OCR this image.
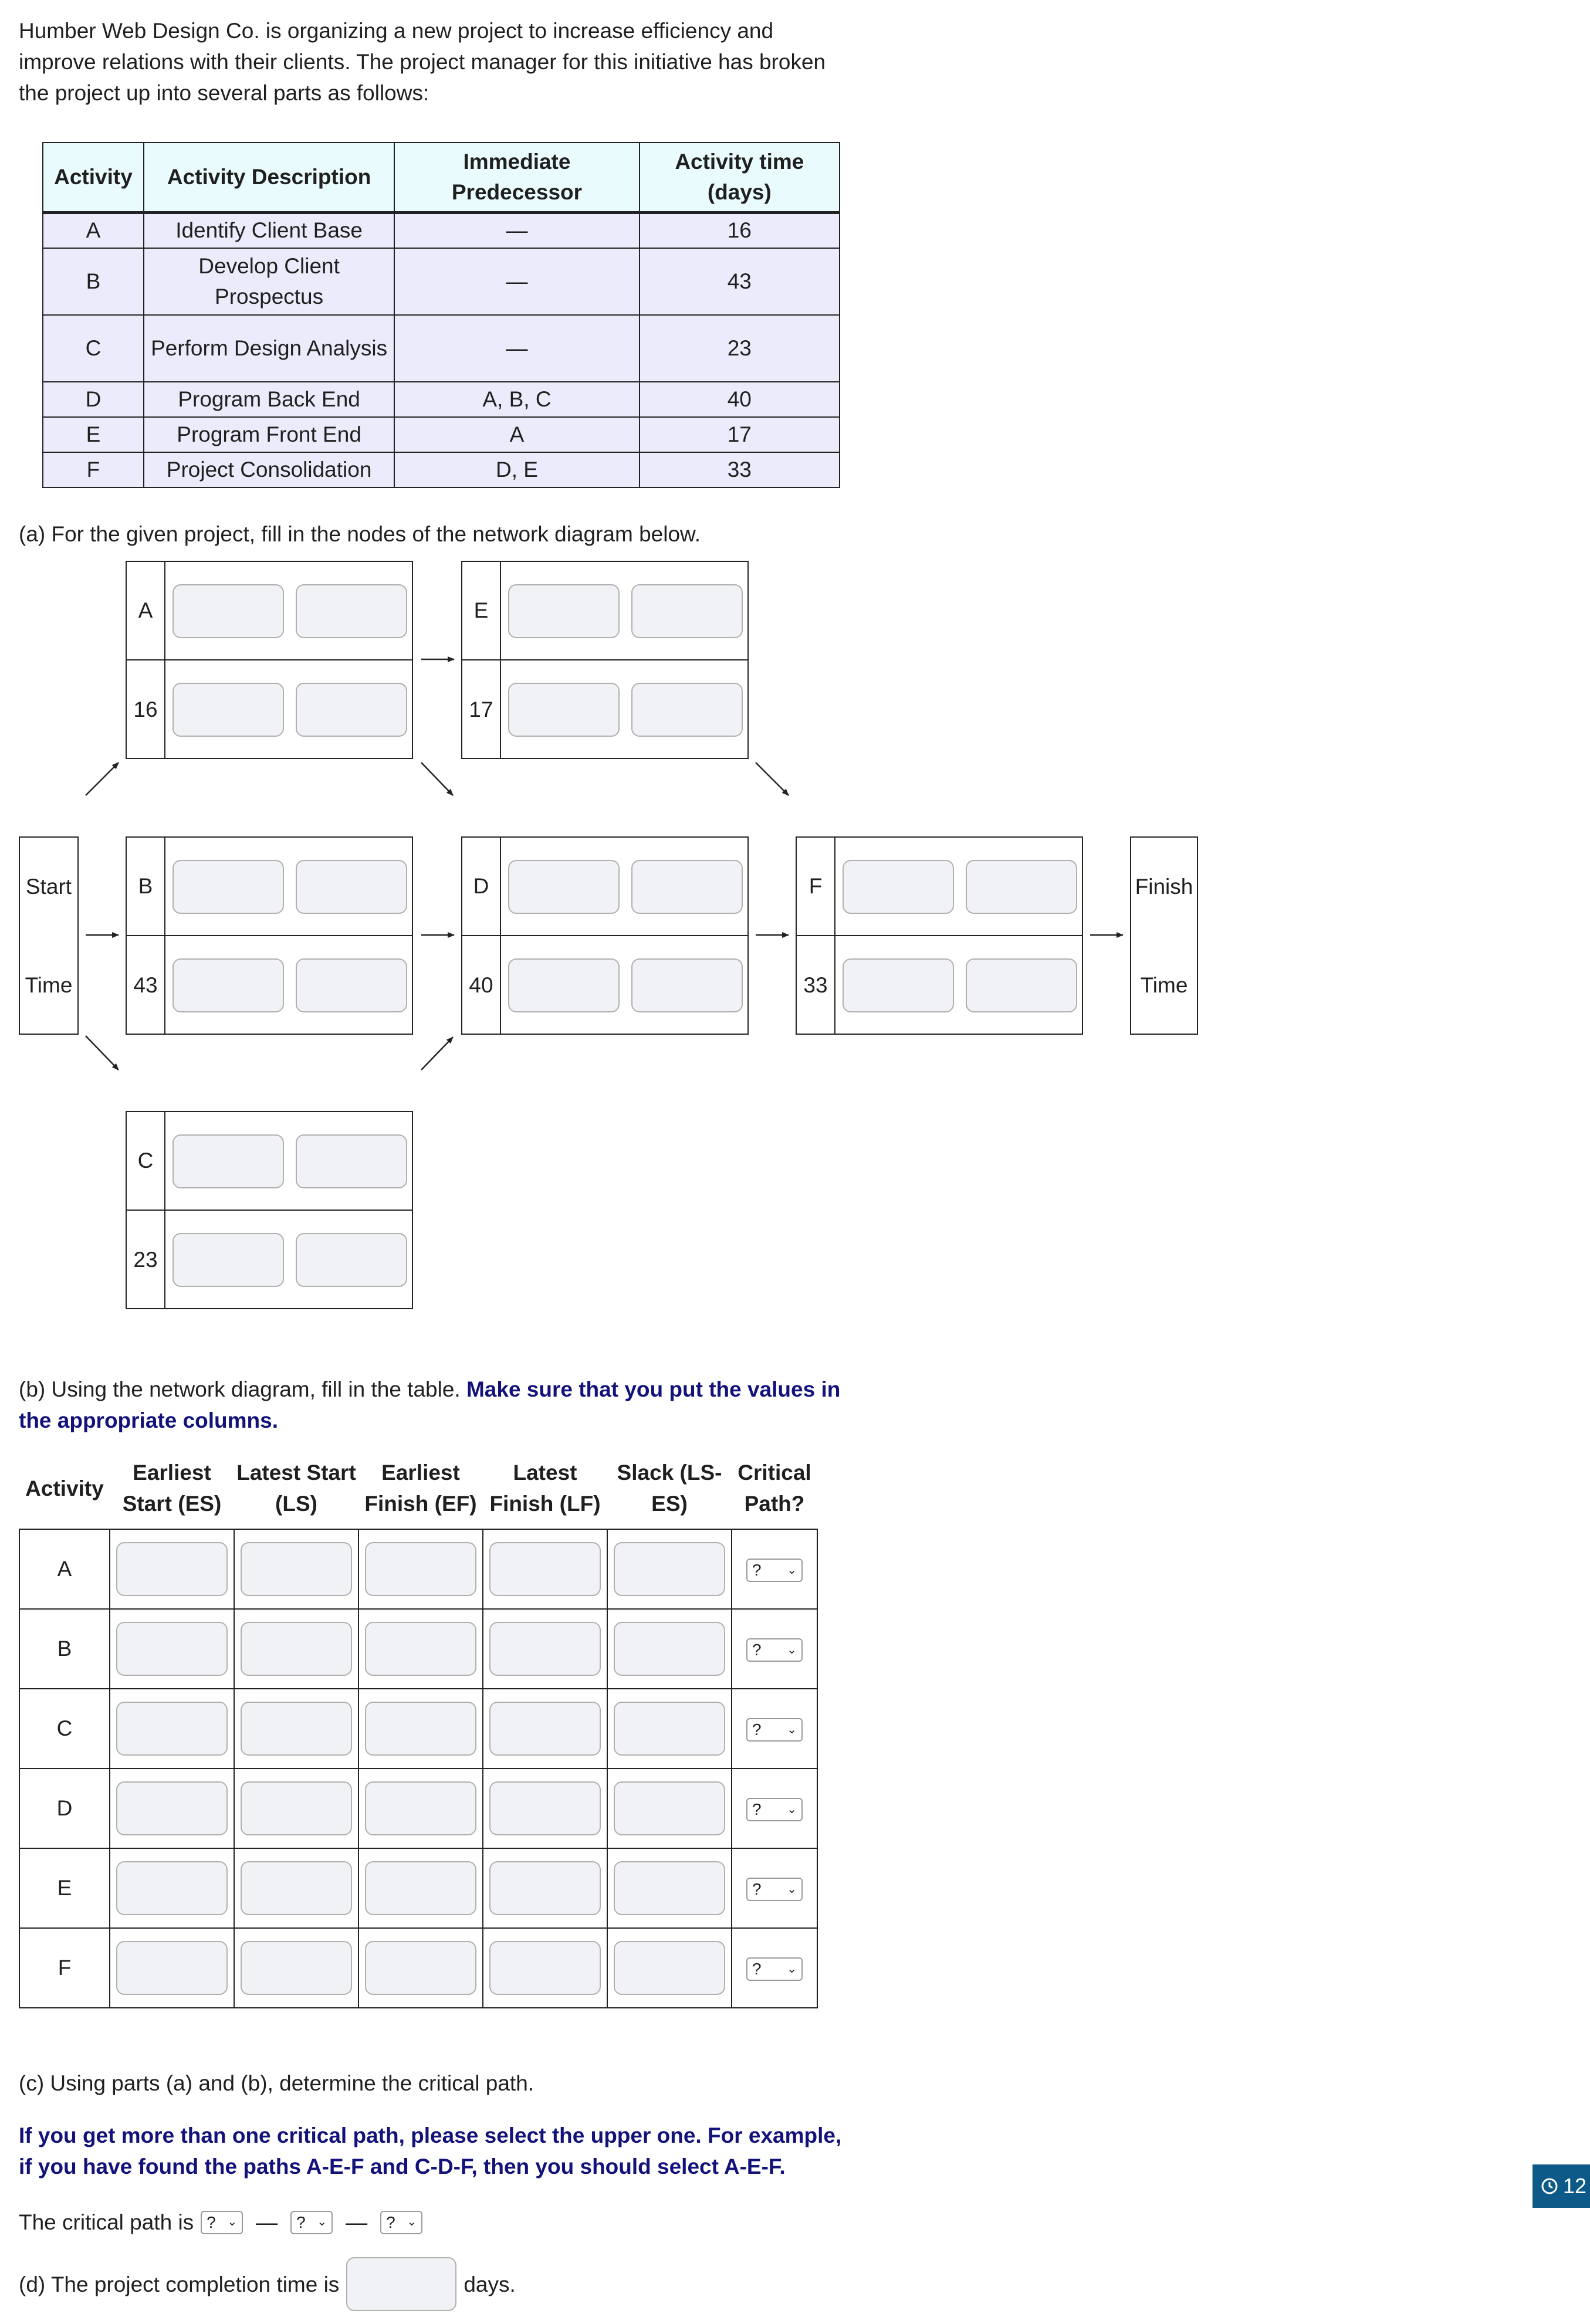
Humber Web Design Co. is organizing a new project to increase efficiency and improve relations with their clients. The project manager for this initiative has broken the project up into several parts as follows:
Activity	Activity Description	Immediate Predecessor	Activity time (days)
A	Identify Client Base	—	16
B	Develop Client Prospectus	—	43
C	Perform Design Analysis	—	23
D	Program Back End	A, B, C	40
E	Program Front End	A	17
F	Project Consolidation	D, E	33
(a) For the given project, fill in the nodes of the network diagram below.
Start
Time
Finish
Time
A
16
E
17
B
43
D
40
F
33
C
23
(b) Using the network diagram, fill in the table. Make sure that you put the values in the appropriate columns.
Activity	Earliest Start (ES)	Latest Start (LS)	Earliest Finish (EF)	Latest Finish (LF)	Slack (LS- ES)	Critical Path?
A						? ⌄

B						? ⌄

C						? ⌄

D						? ⌄

E						? ⌄

F						? ⌄
(c) Using parts (a) and (b), determine the critical path.
If you get more than one critical path, please select the upper one. For example, if you have found the paths A-E-F and C-D-F, then you should select A-E-F.
The critical path is ? ⌄ — ? ⌄ — ? ⌄
(d) The project completion time is	days.
12
